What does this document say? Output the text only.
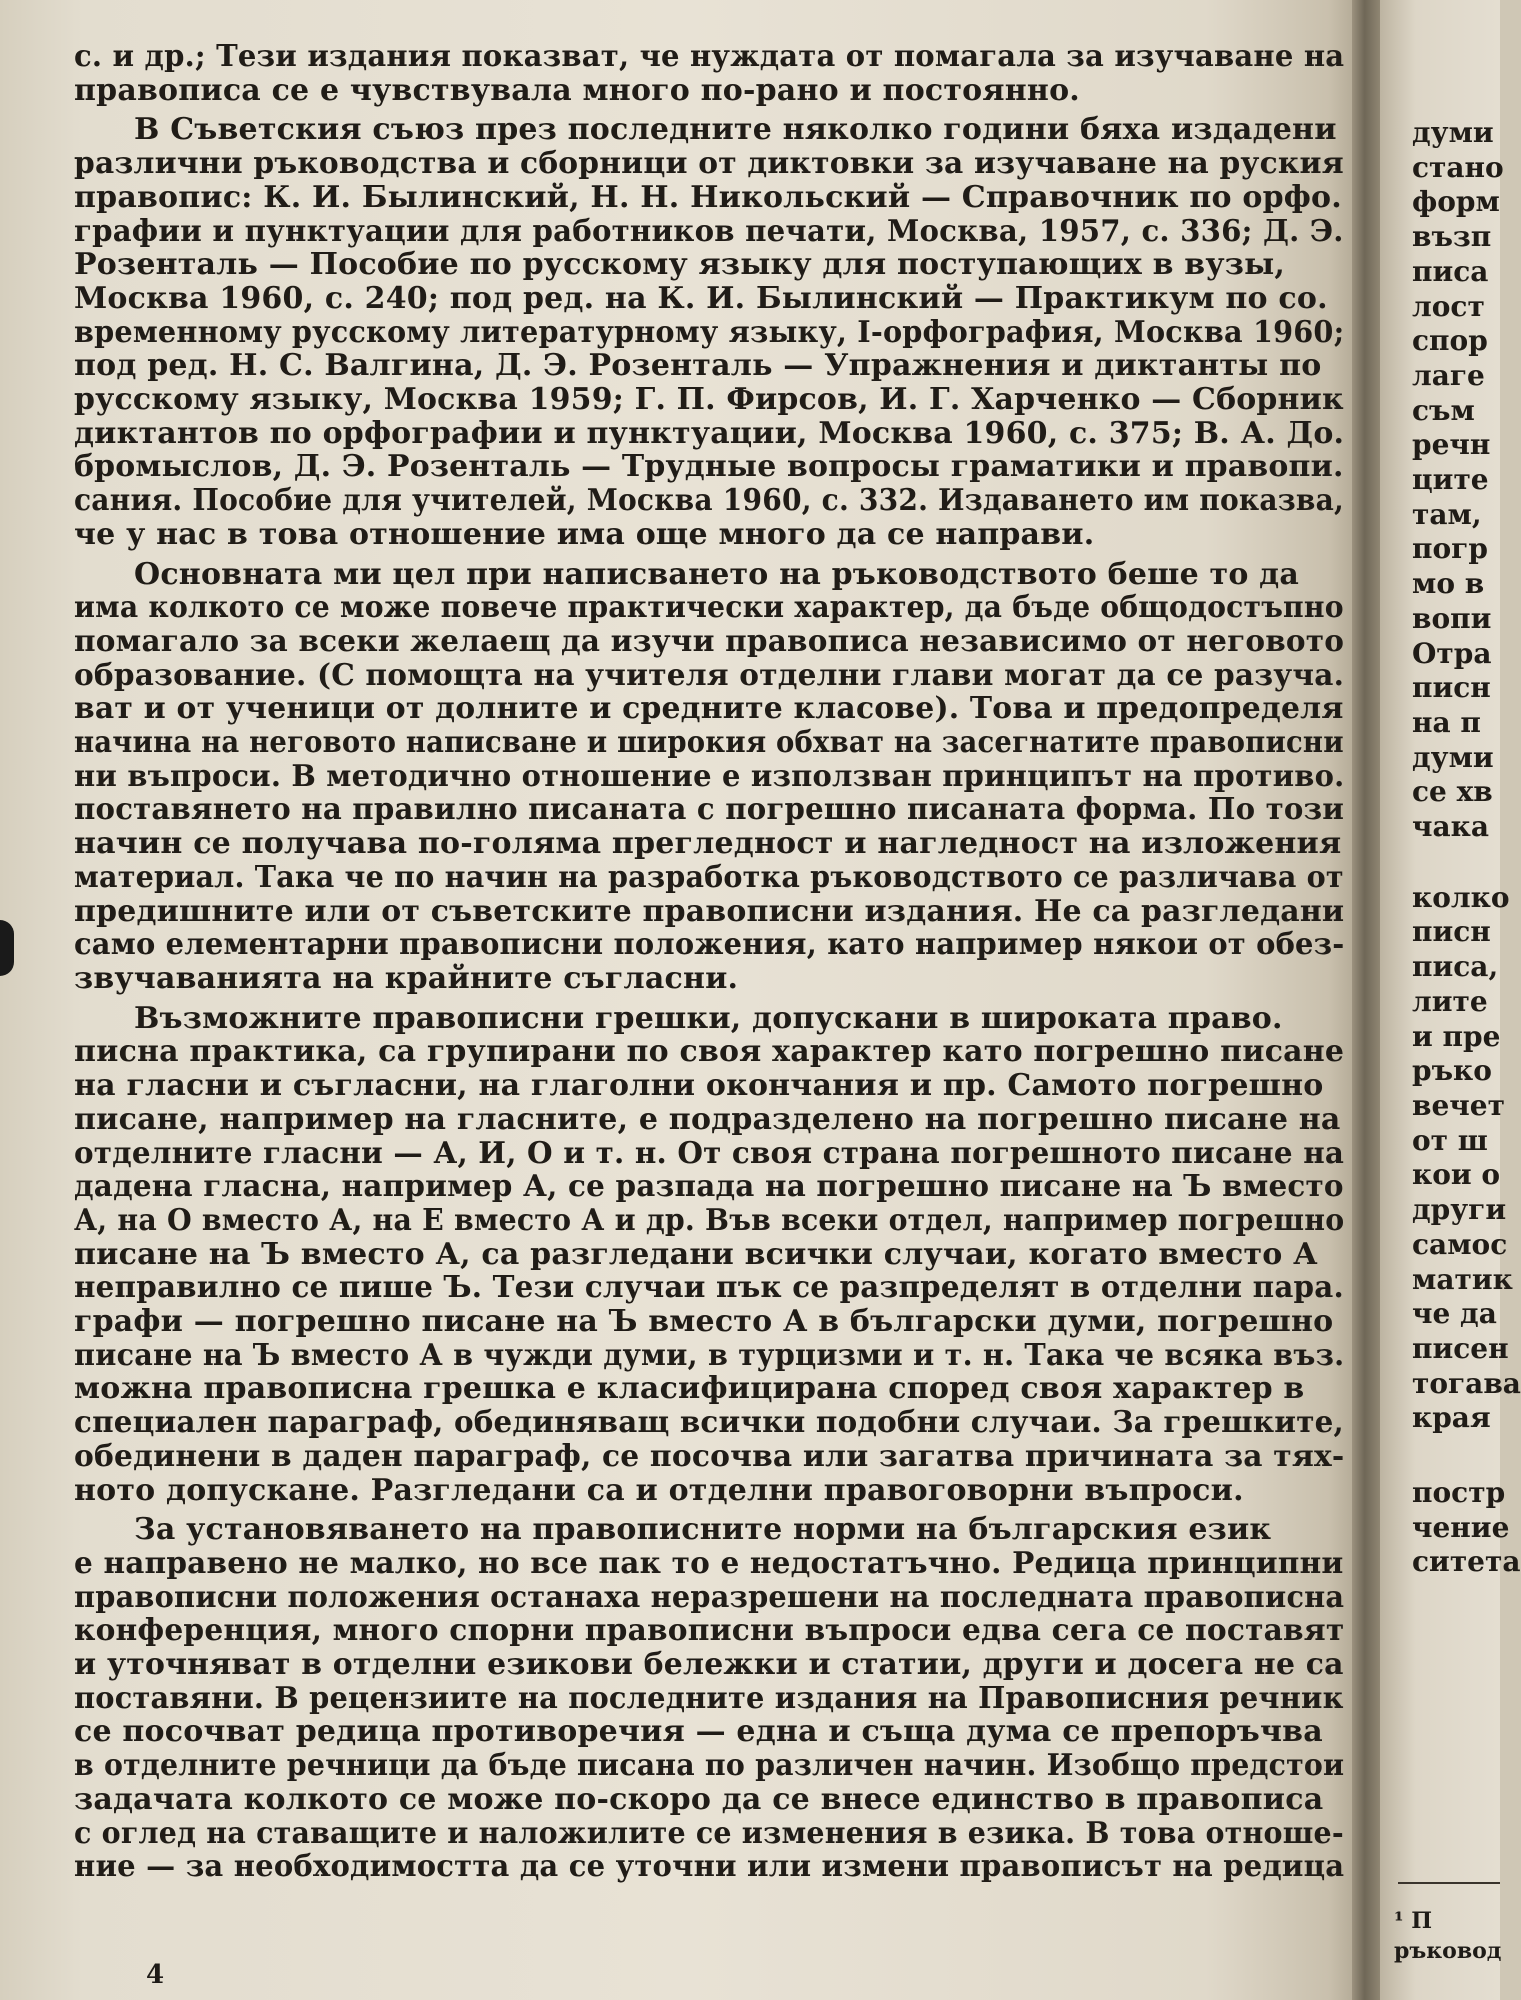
с. и др.; Тези издания показват, че нуждата от помагала за изучаване на
правописа се е чувствувала много по-рано и постоянно.
В Съветския съюз през последните няколко години бяха издадени
различни ръководства и сборници от диктовки за изучаване на руския
правопис: К. И. Былинский, Н. Н. Никольский — Справочник по орфо.
графии и пунктуации для работников печати, Москва, 1957, с. 336; Д. Э.
Розенталь — Пособие по русскому языку для поступающих в вузы,
Москва 1960, с. 240; под ред. на К. И. Былинский — Практикум по со.
временному русскому литературному языку, I-орфография, Москва 1960;
под ред. Н. С. Валгина, Д. Э. Розенталь — Упражнения и диктанты по
русскому языку, Москва 1959; Г. П. Фирсов, И. Г. Харченко — Сборник
диктантов по орфографии и пунктуации, Москва 1960, с. 375; В. А. До.
бромыслов, Д. Э. Розенталь — Трудные вопросы граматики и правопи.
сания. Пособие для учителей, Москва 1960, с. 332. Издаването им показва,
че у нас в това отношение има още много да се направи.
Основната ми цел при написването на ръководството беше то да
има колкото се може повече практически характер, да бъде общодостъпно
помагало за всеки желаещ да изучи правописа независимо от неговото
образование. (С помощта на учителя отделни глави могат да се разуча.
ват и от ученици от долните и средните класове). Това и предопределя
начина на неговото написване и широкия обхват на засегнатите правописни
ни въпроси. В методично отношение е използван принципът на противо.
поставянето на правилно писаната с погрешно писаната форма. По този
начин се получава по-голяма прегледност и нагледност на изложения
материал. Така че по начин на разработка ръководството се различава от
предишните или от съветските правописни издания. Не са разгледани
само елементарни правописни положения, като например някои от обез-
звучаванията на крайните съгласни.
Възможните правописни грешки, допускани в широката право.
писна практика, са групирани по своя характер като погрешно писане
на гласни и съгласни, на глаголни окончания и пр. Самото погрешно
писане, например на гласните, е подразделено на погрешно писане на
отделните гласни — А, И, О и т. н. От своя страна погрешното писане на
дадена гласна, например А, се разпада на погрешно писане на Ъ вместо
А, на О вместо А, на Е вместо А и др. Във всеки отдел, например погрешно
писане на Ъ вместо А, са разгледани всички случаи, когато вместо А
неправилно се пише Ъ. Тези случаи пък се разпределят в отделни пара.
графи — погрешно писане на Ъ вместо А в български думи, погрешно
писане на Ъ вместо А в чужди думи, в турцизми и т. н. Така че всяка въз.
можна правописна грешка е класифицирана според своя характер в
специален параграф, обединяващ всички подобни случаи. За грешките,
обединени в даден параграф, се посочва или загатва причината за тях-
ното допускане. Разгледани са и отделни правоговорни въпроси.
За установяването на правописните норми на българския език
е направено не малко, но все пак то е недостатъчно. Редица принципни
правописни положения останаха неразрешени на последната правописна
конференция, много спорни правописни въпроси едва сега се поставят
и уточняват в отделни езикови бележки и статии, други и досега не са
поставяни. В рецензиите на последните издания на Правописния речник
се посочват редица противоречия — една и съща дума се препоръчва
в отделните речници да бъде писана по различен начин. Изобщо предстои
задачата колкото се може по-скоро да се внесе единство в правописа
с оглед на ставащите и наложилите се изменения в езика. В това отноше-
ние — за необходимостта да се уточни или измени правописът на редица
думи
стано
форм
възп
писа
лост
спор
лаге
съм
речн
ците
там,
погр
мо в
вопи
Отра
писн
на п
думи
се хв
чака
колко
писн
писа,
лите
и пре
ръко
вечет
от ш
кои о
други
самос
матик
че да
писен
тогава
края
постр
чение
ситета
¹ П
ръковод
4
